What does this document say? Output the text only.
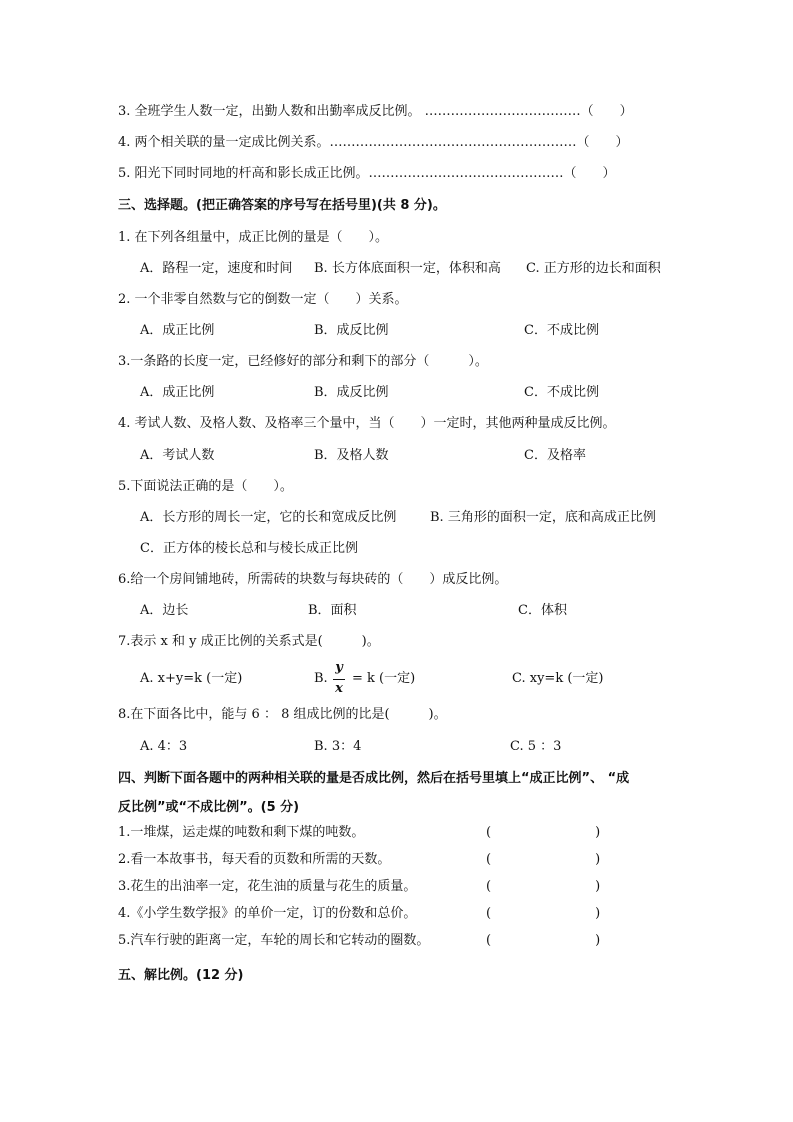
3. 全班学生人数一定，出勤人数和出勤率成反比例。 ………………………………（　　）
4. 两个相关联的量一定成比例关系。…………………………………………………（　　）
5. 阳光下同时同地的杆高和影长成正比例。………………………………………（　　）
三、选择题。(把正确答案的序号写在括号里)(共 8 分)。
1. 在下列各组量中，成正比例的量是（　　）。
A．路程一定，速度和时间 B. 长方体底面积一定，体积和高 C. 正方形的边长和面积
2. 一个非零自然数与它的倒数一定（　　）关系。
A．成正比例	B．成反比例	C．不成比例
3.一条路的长度一定，已经修好的部分和剩下的部分（　　　）。
A．成正比例	B．成反比例	C．不成比例
4. 考试人数、及格人数、及格率三个量中，当（　　）一定时，其他两种量成反比例。
A．考试人数	B．及格人数	C．及格率
5.下面说法正确的是（　　）。
A．长方形的周长一定，它的长和宽成反比例	B. 三角形的面积一定，底和高成正比例
C．正方体的棱长总和与棱长成正比例
6.给一个房间铺地砖，所需砖的块数与每块砖的（　　）成反比例。
A．边长	B．面积	C．体积
7.表示 x 和 y 成正比例的关系式是(　　　)。
A. x+y=k (一定)	B.
y
x
= k (一定)	C. xy=k (一定)
8.在下面各比中，能与 6 ： 8 组成比例的比是(　　　)。
A. 4：3	B. 3：4	C. 5 ：3
四、判断下面各题中的两种相关联的量是否成比例，然后在括号里填上“成正比例”、 “成
反比例”或“不成比例”。(5 分)
1.一堆煤，运走煤的吨数和剩下煤的吨数。	(　　　　　　　　)
2.看一本故事书，每天看的页数和所需的天数。	(　　　　　　　　)
3.花生的出油率一定，花生油的质量与花生的质量。	(　　　　　　　　)
4.《小学生数学报》的单价一定，订的份数和总价。	(　　　　　　　　)
5.汽车行驶的距离一定，车轮的周长和它转动的圈数。	(　　　　　　　　)
五、解比例。(12 分)
